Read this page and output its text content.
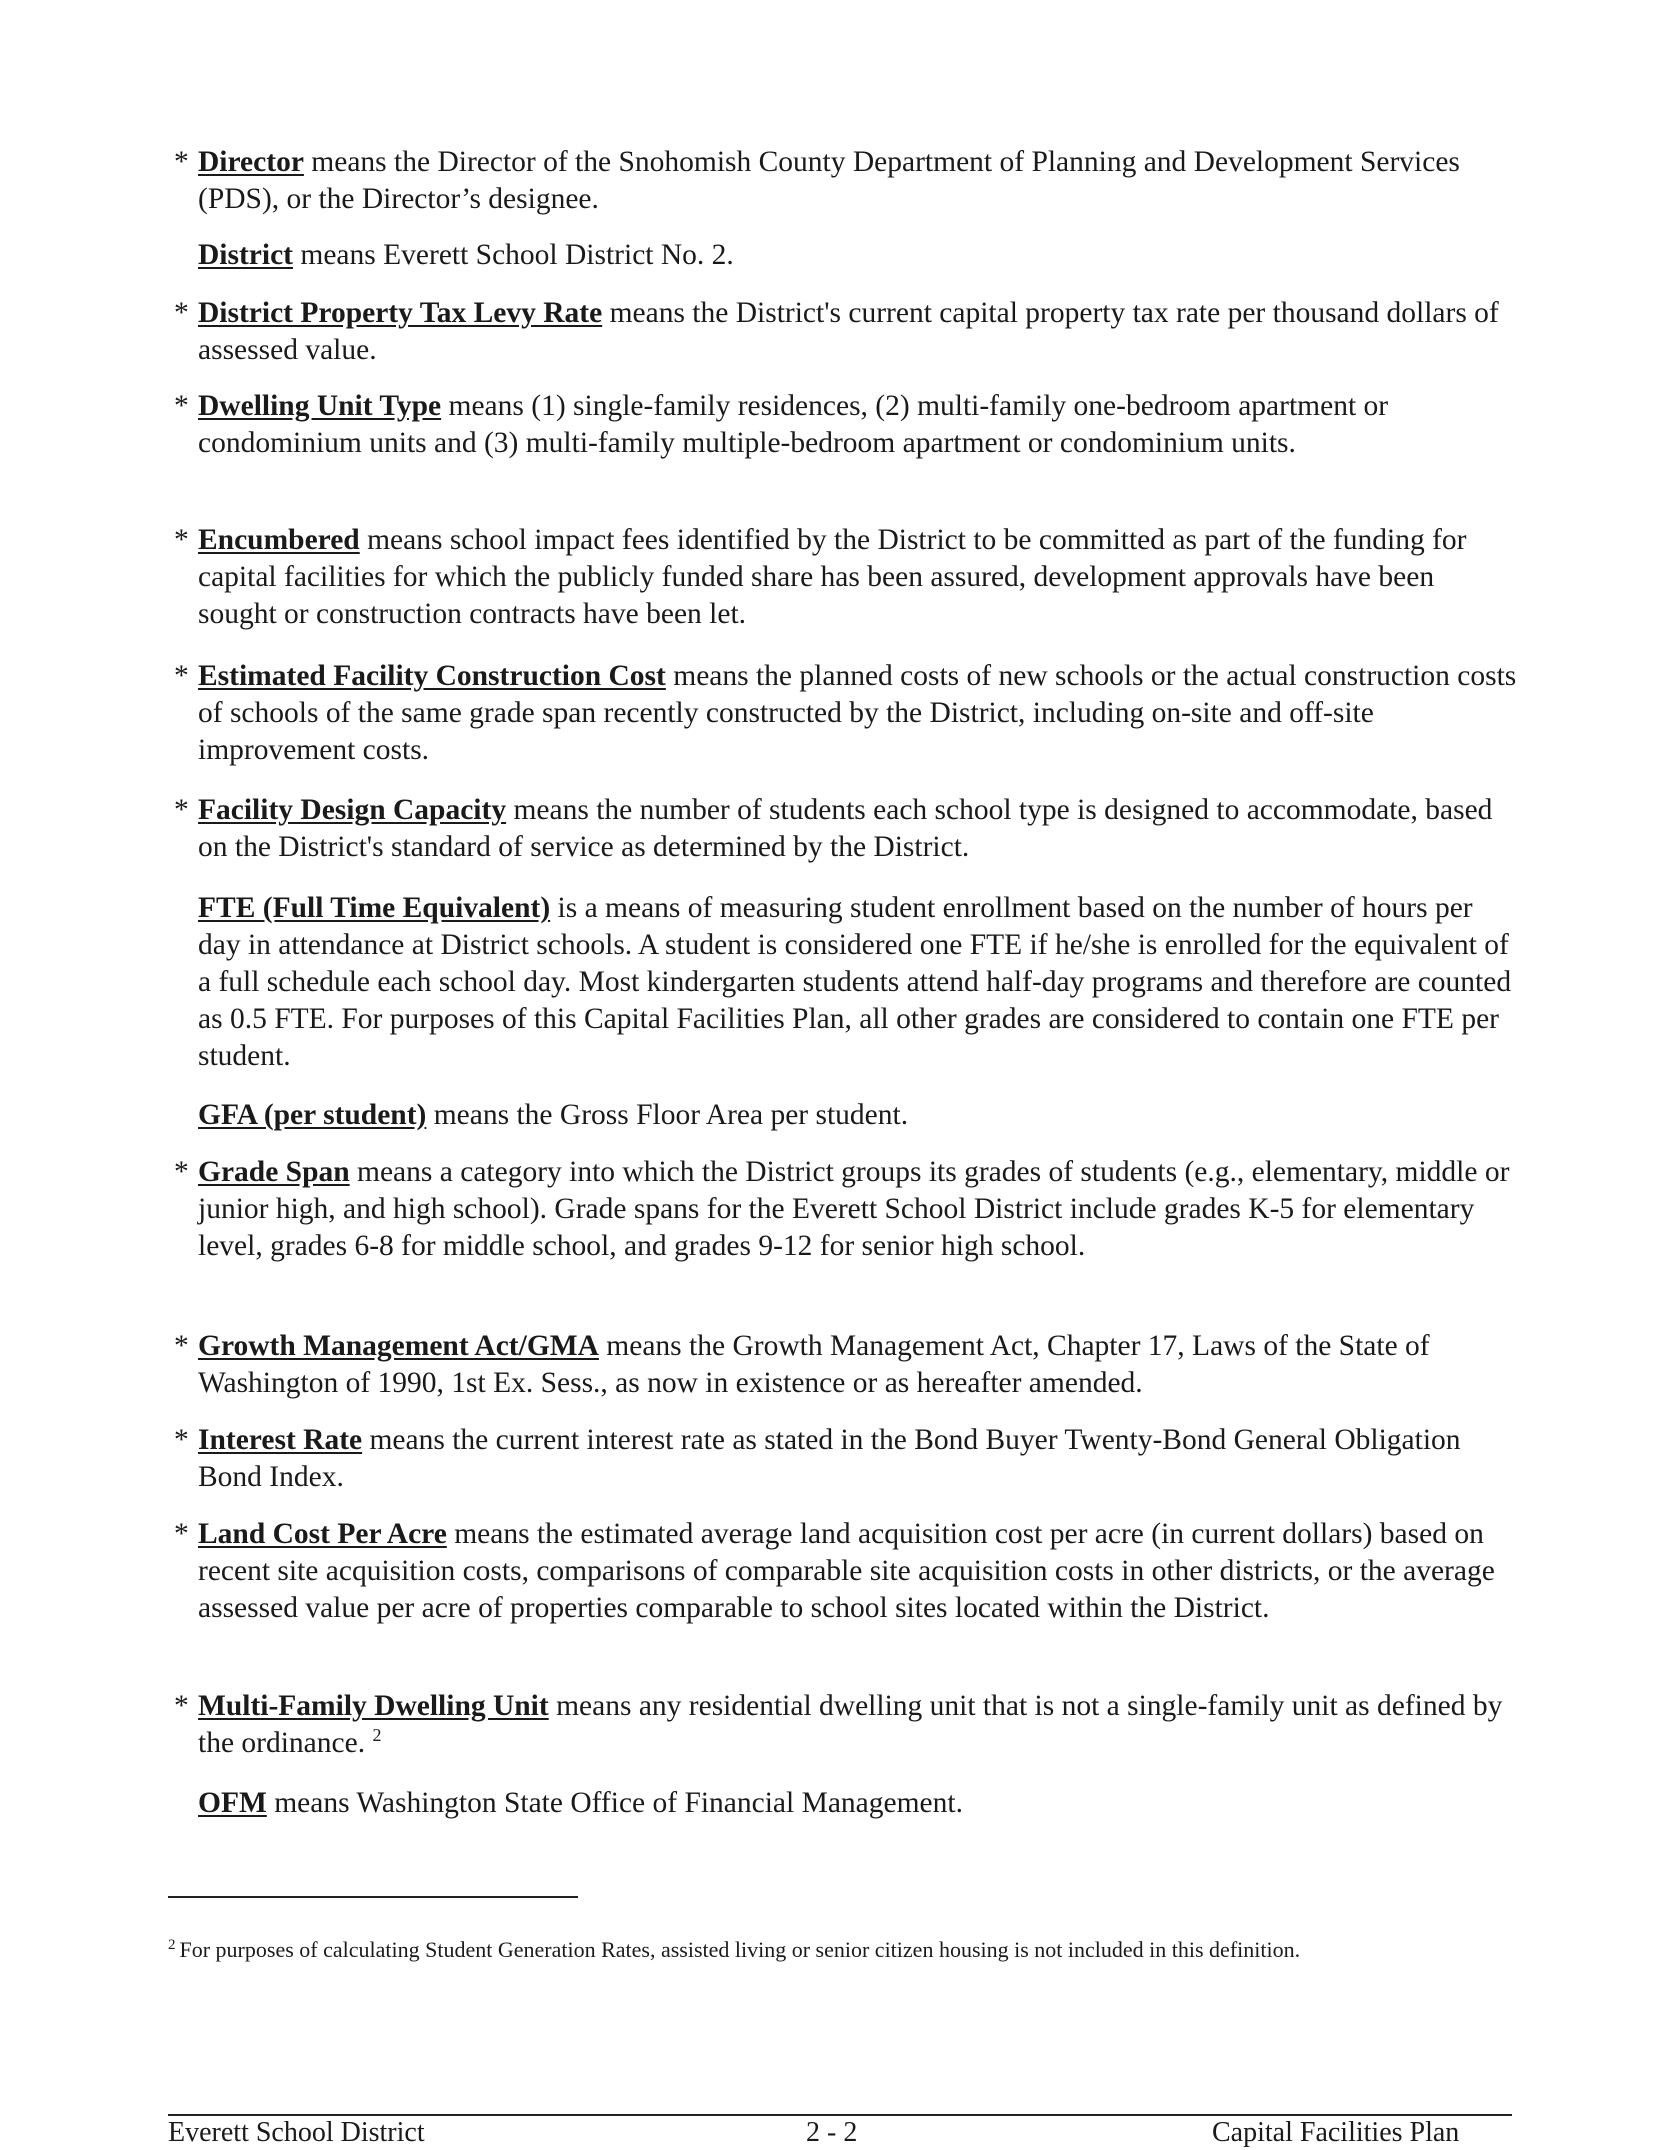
* Director means the Director of the Snohomish County Department of Planning and Development Services (PDS), or the Director’s designee.
District means Everett School District No. 2.
* District Property Tax Levy Rate means the District's current capital property tax rate per thousand dollars of assessed value.
* Dwelling Unit Type means (1) single-family residences, (2) multi-family one-bedroom apartment or condominium units and (3) multi-family multiple-bedroom apartment or condominium units.
* Encumbered means school impact fees identified by the District to be committed as part of the funding for capital facilities for which the publicly funded share has been assured, development approvals have been sought or construction contracts have been let.
* Estimated Facility Construction Cost means the planned costs of new schools or the actual construction costs of schools of the same grade span recently constructed by the District, including on-site and off-site improvement costs.
* Facility Design Capacity means the number of students each school type is designed to accommodate, based on the District's standard of service as determined by the District.
FTE (Full Time Equivalent) is a means of measuring student enrollment based on the number of hours per day in attendance at District schools. A student is considered one FTE if he/she is enrolled for the equivalent of a full schedule each school day. Most kindergarten students attend half-day programs and therefore are counted as 0.5 FTE. For purposes of this Capital Facilities Plan, all other grades are considered to contain one FTE per student.
GFA (per student) means the Gross Floor Area per student.
* Grade Span means a category into which the District groups its grades of students (e.g., elementary, middle or junior high, and high school). Grade spans for the Everett School District include grades K-5 for elementary level, grades 6-8 for middle school, and grades 9-12 for senior high school.
* Growth Management Act/GMA means the Growth Management Act, Chapter 17, Laws of the State of Washington of 1990, 1st Ex. Sess., as now in existence or as hereafter amended.
* Interest Rate means the current interest rate as stated in the Bond Buyer Twenty-Bond General Obligation Bond Index.
* Land Cost Per Acre means the estimated average land acquisition cost per acre (in current dollars) based on recent site acquisition costs, comparisons of comparable site acquisition costs in other districts, or the average assessed value per acre of properties comparable to school sites located within the District.
* Multi-Family Dwelling Unit means any residential dwelling unit that is not a single-family unit as defined by the ordinance. $^2$
OFM means Washington State Office of Financial Management.
$^2$ For purposes of calculating Student Generation Rates, assisted living or senior citizen housing is not included in this definition.
Everett School District	2 - 2	Capital Facilities Plan
